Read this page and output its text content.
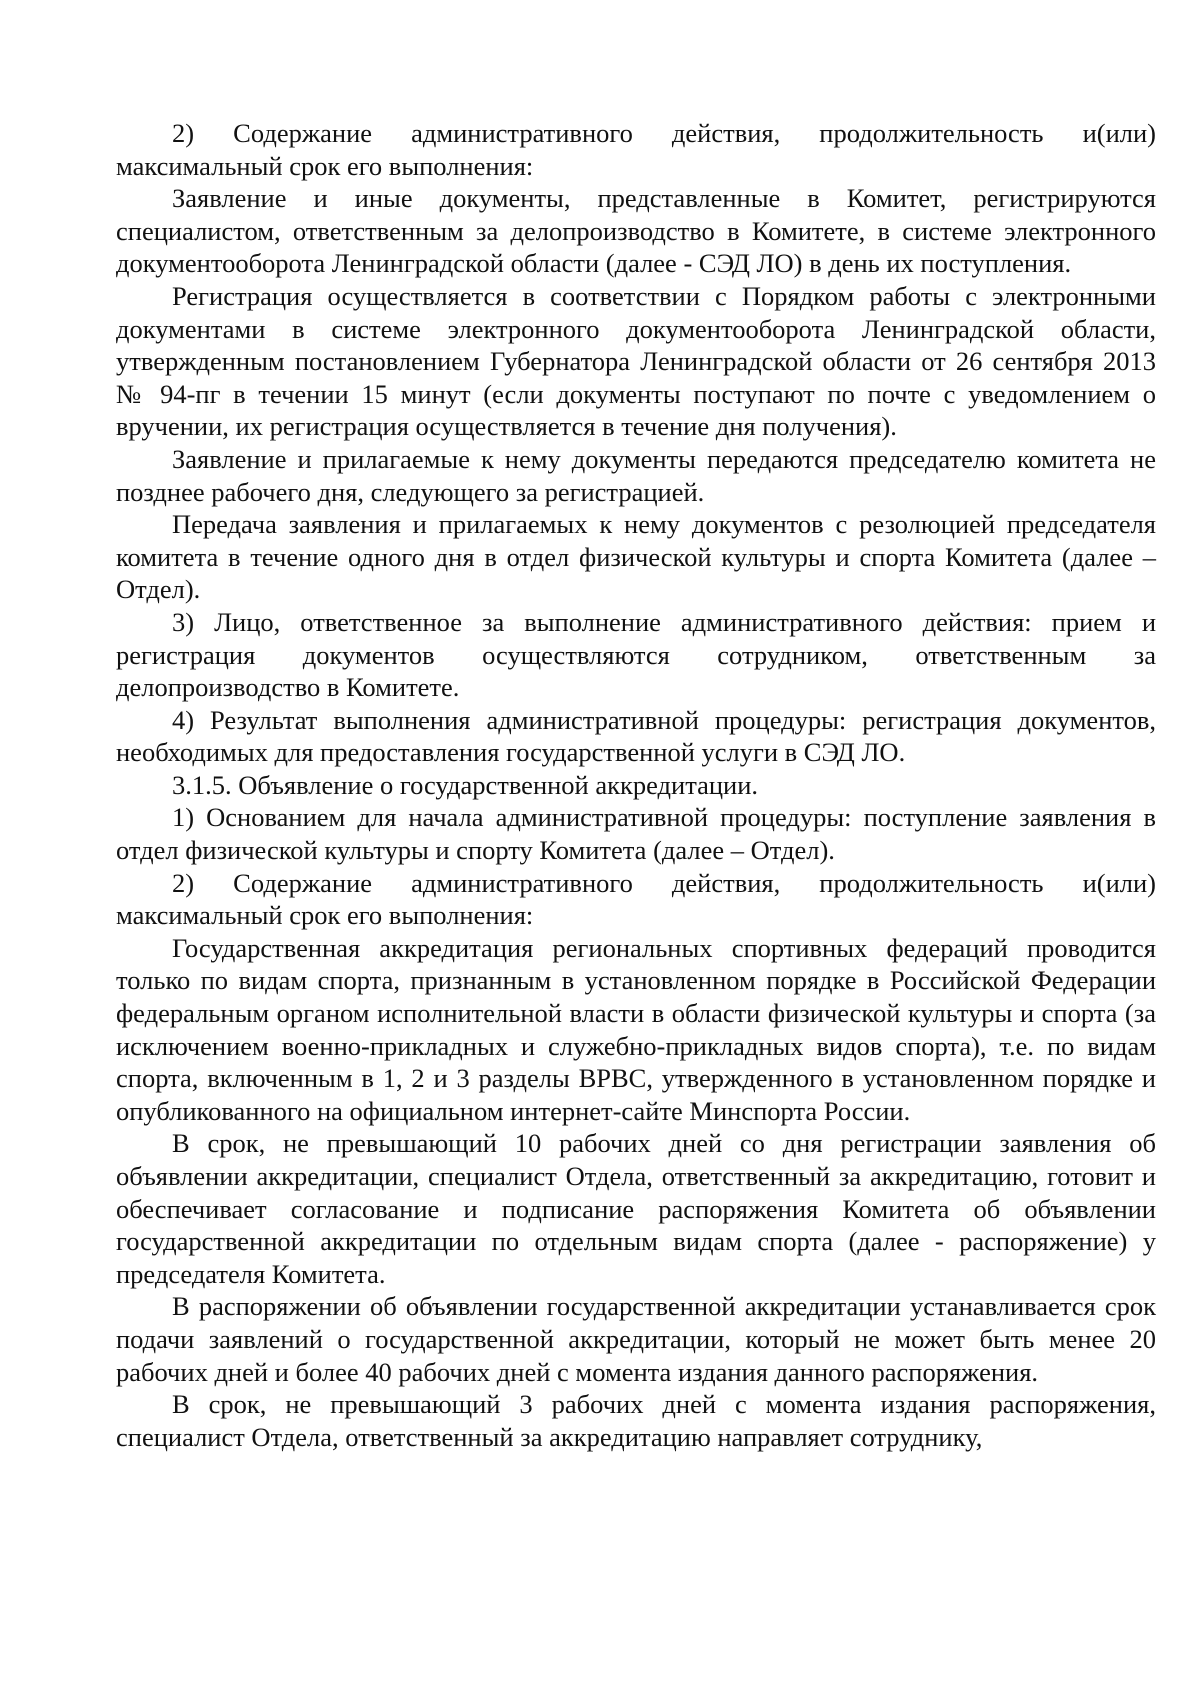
2) Содержание административного действия, продолжительность и(или) максимальный срок его выполнения:

Заявление и иные документы, представленные в Комитет, регистрируются специалистом, ответственным за делопроизводство в Комитете, в системе электронного документооборота Ленинградской области (далее - СЭД ЛО) в день их поступления.

Регистрация осуществляется в соответствии с Порядком работы с электронными документами в системе электронного документооборота Ленинградской области, утвержденным постановлением Губернатора Ленинградской области от 26 сентября 2013 № 94-пг в течении 15 минут (если документы поступают по почте с уведомлением о вручении, их регистрация осуществляется в течение дня получения).

Заявление и прилагаемые к нему документы передаются председателю комитета не позднее рабочего дня, следующего за регистрацией.

Передача заявления и прилагаемых к нему документов с резолюцией председателя комитета в течение одного дня в отдел физической культуры и спорта Комитета (далее – Отдел).

3) Лицо, ответственное за выполнение административного действия: прием и регистрация документов осуществляются сотрудником, ответственным за делопроизводство в Комитете.

4) Результат выполнения административной процедуры: регистрация документов, необходимых для предоставления государственной услуги в СЭД ЛО.

3.1.5. Объявление о государственной аккредитации.

1) Основанием для начала административной процедуры: поступление заявления в отдел физической культуры и спорту Комитета (далее – Отдел).

2) Содержание административного действия, продолжительность и(или) максимальный срок его выполнения:

Государственная аккредитация региональных спортивных федераций проводится только по видам спорта, признанным в установленном порядке в Российской Федерации федеральным органом исполнительной власти в области физической культуры и спорта (за исключением военно-прикладных и служебно-прикладных видов спорта), т.е. по видам спорта, включенным в 1, 2 и 3 разделы ВРВС, утвержденного в установленном порядке и опубликованного на официальном интернет-сайте Минспорта России.

В срок, не превышающий 10 рабочих дней со дня регистрации заявления об объявлении аккредитации, специалист Отдела, ответственный за аккредитацию, готовит и обеспечивает согласование и подписание распоряжения Комитета об объявлении государственной аккредитации по отдельным видам спорта (далее - распоряжение) у председателя Комитета.

В распоряжении об объявлении государственной аккредитации устанавливается срок подачи заявлений о государственной аккредитации, который не может быть менее 20 рабочих дней и более 40 рабочих дней с момента издания данного распоряжения.

В срок, не превышающий 3 рабочих дней с момента издания распоряжения, специалист Отдела, ответственный за аккредитацию направляет сотруднику,
